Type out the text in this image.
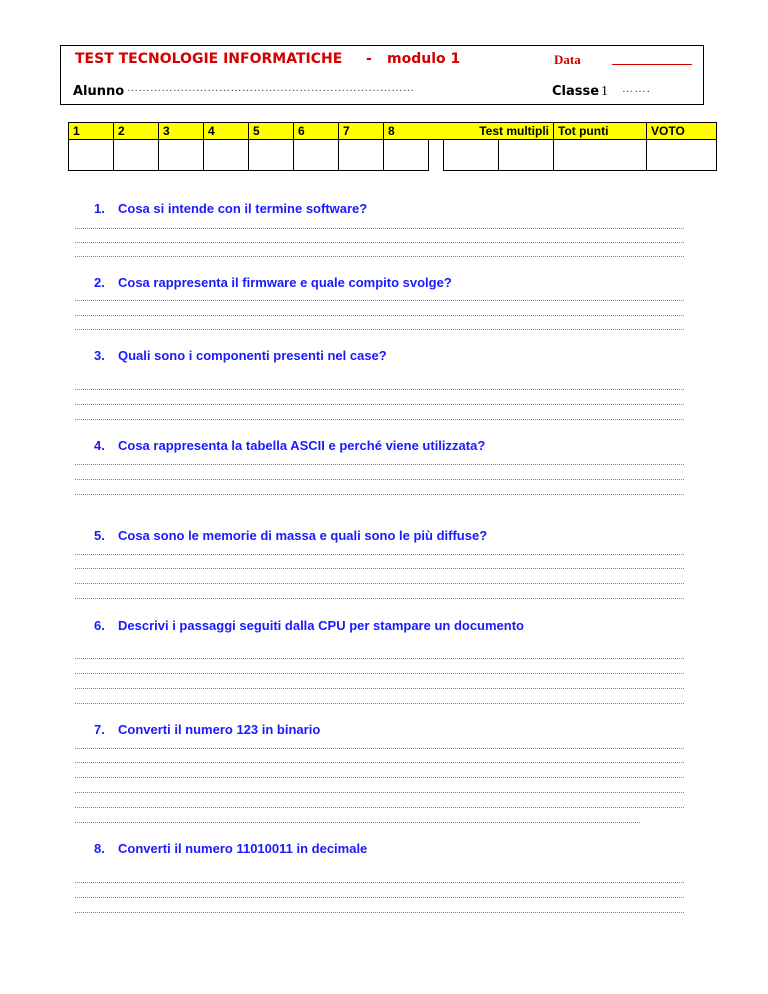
TEST TECNOLOGIE INFORMATICHE - modulo 1	Data
Alunno …………………………………………………………………	Classe 1 …….
1	2	3	4	5	6	7	8		Test multipli		Tot punti	VOTO

1. Cosa si intende con il termine software?
2. Cosa rappresenta il firmware e quale compito svolge?
3. Quali sono i componenti presenti nel case?
4. Cosa rappresenta la tabella ASCII e perché viene utilizzata?
5. Cosa sono le memorie di massa e quali sono le più diffuse?
6. Descrivi i passaggi seguiti dalla CPU per stampare un documento
7. Converti il numero 123 in binario
8. Converti il numero 11010011 in decimale
